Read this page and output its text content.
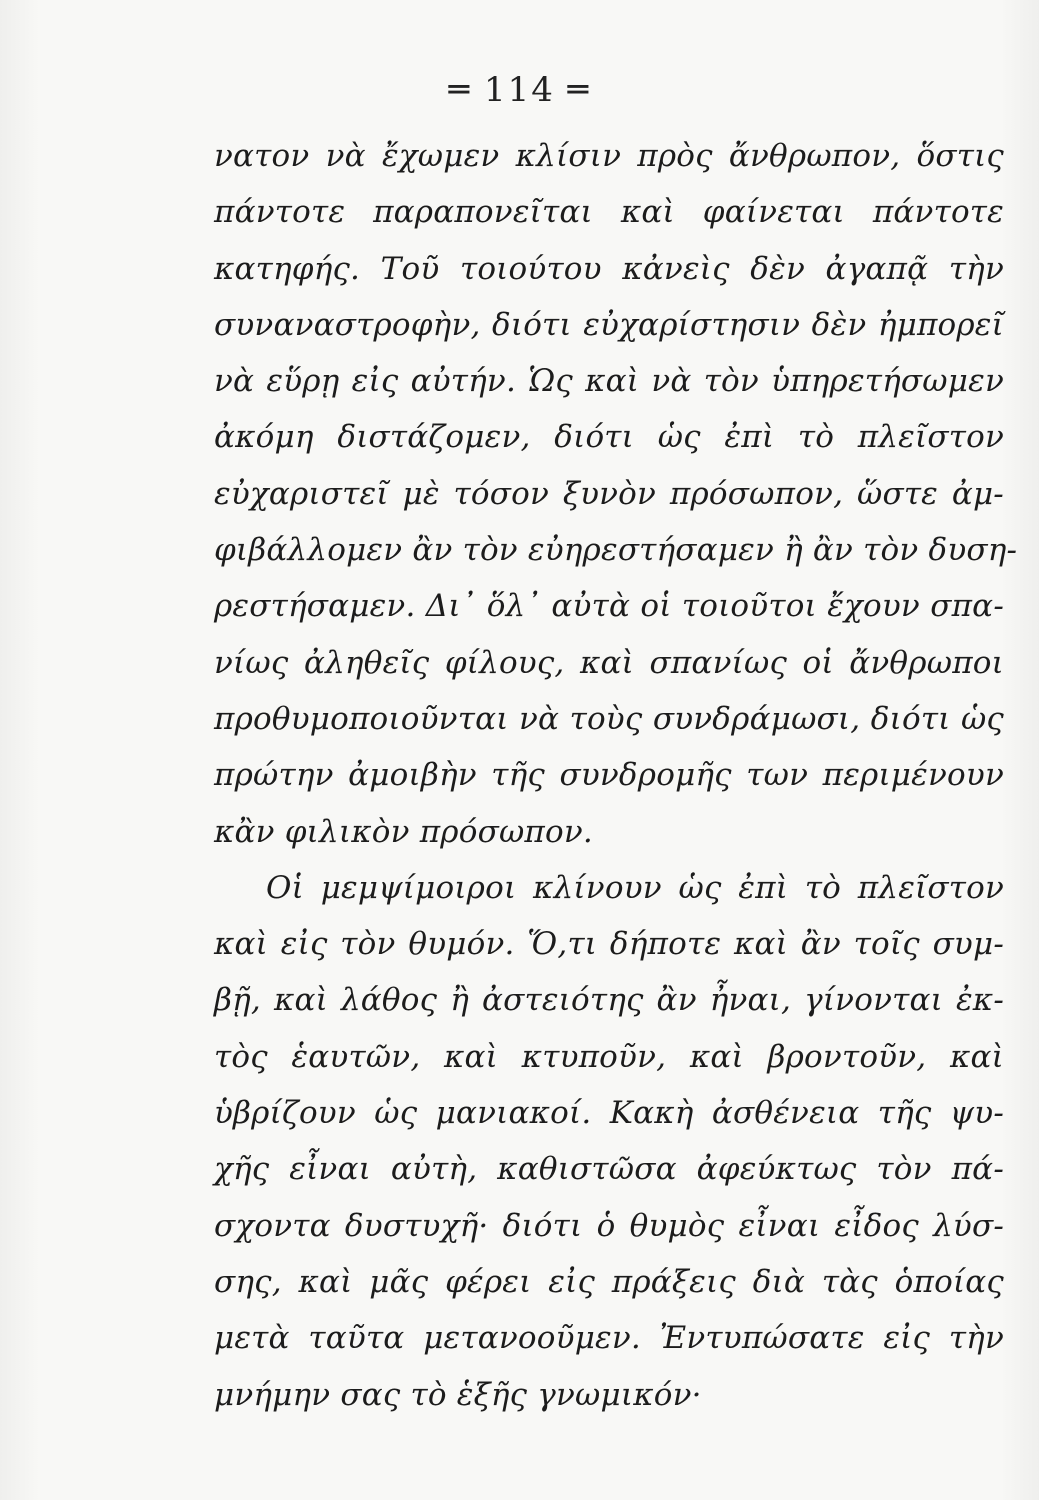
═ 114 ═
νατον νὰ ἔχωμεν κλίσιν πρὸς ἄνθρωπον, ὅστις
πάντοτε παραπονεῖται καὶ φαίνεται πάντοτε
κατηφής. Τοῦ τοιούτου κἀνεὶς δὲν ἀγαπᾷ τὴν
συναναστροφὴν, διότι εὐχαρίστησιν δὲν ἠμπορεῖ
νὰ εὕρῃ εἰς αὐτήν. Ὡς καὶ νὰ τὸν ὑπηρετήσωμεν
ἀκόμη διστάζομεν, διότι ὡς ἐπὶ τὸ πλεῖστον
εὐχαριστεῖ μὲ τόσον ξυνὸν πρόσωπον, ὥστε ἀμ-
φιβάλλομεν ἂν τὸν εὐηρεστήσαμεν ἢ ἂν τὸν δυση-
ρεστήσαμεν. Δι᾽ ὅλ᾽ αὐτὰ οἱ τοιοῦτοι ἔχουν σπα-
νίως ἀληθεῖς φίλους, καὶ σπανίως οἱ ἄνθρωποι
προθυμοποιοῦνται νὰ τοὺς συνδράμωσι, διότι ὡς
πρώτην ἀμοιβὴν τῆς συνδρομῆς των περιμένουν
κἂν φιλικὸν πρόσωπον.
Οἱ μεμψίμοιροι κλίνουν ὡς ἐπὶ τὸ πλεῖστον
καὶ εἰς τὸν θυμόν. Ὅ,τι δήποτε καὶ ἂν τοῖς συμ-
βῇ, καὶ λάθος ἢ ἀστειότης ἂν ἦναι, γίνονται ἐκ-
τὸς ἑαυτῶν, καὶ κτυποῦν, καὶ βροντοῦν, καὶ
ὑβρίζουν ὡς μανιακοί. Κακὴ ἀσθένεια τῆς ψυ-
χῆς εἶναι αὐτὴ, καθιστῶσα ἀφεύκτως τὸν πά-
σχοντα δυστυχῆ· διότι ὁ θυμὸς εἶναι εἶδος λύσ-
σης, καὶ μᾶς φέρει εἰς πράξεις διὰ τὰς ὁποίας
μετὰ ταῦτα μετανοοῦμεν. Ἐντυπώσατε εἰς τὴν
μνήμην σας τὸ ἑξῆς γνωμικόν·
